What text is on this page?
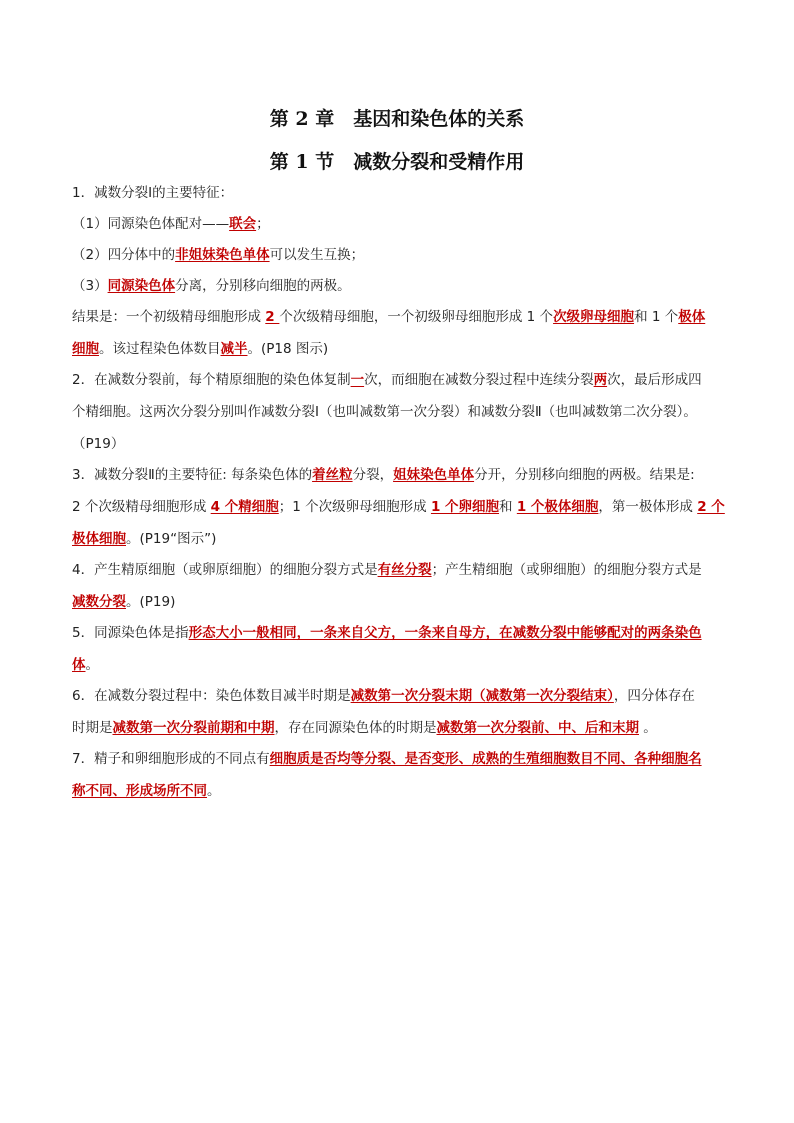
第 2 章　基因和染色体的关系
第 1 节　减数分裂和受精作用
1．减数分裂Ⅰ的主要特征：
（1）同源染色体配对——联会；
（2）四分体中的非姐妹染色单体可以发生互换；
（3）同源染色体分离，分别移向细胞的两极。
结果是：一个初级精母细胞形成 2 个次级精母细胞，一个初级卵母细胞形成 1 个次级卵母细胞和 1 个极体
细胞。该过程染色体数目减半。(P18 图示)
2．在减数分裂前，每个精原细胞的染色体复制一次，而细胞在减数分裂过程中连续分裂两次，最后形成四
个精细胞。这两次分裂分别叫作减数分裂Ⅰ（也叫减数第一次分裂）和减数分裂Ⅱ（也叫减数第二次分裂）。
（P19）
3．减数分裂Ⅱ的主要特征: 每条染色体的着丝粒分裂，姐妹染色单体分开，分别移向细胞的两极。结果是:
2 个次级精母细胞形成 4 个精细胞；1 个次级卵母细胞形成 1 个卵细胞和 1 个极体细胞，第一极体形成 2 个
极体细胞。(P19“图示”)
4．产生精原细胞（或卵原细胞）的细胞分裂方式是有丝分裂；产生精细胞（或卵细胞）的细胞分裂方式是
减数分裂。(P19)
5．同源染色体是指形态大小一般相同，一条来自父方，一条来自母方，在减数分裂中能够配对的两条染色
体。
6．在减数分裂过程中：染色体数目减半时期是减数第一次分裂末期（减数第一次分裂结束），四分体存在
时期是减数第一次分裂前期和中期，存在同源染色体的时期是减数第一次分裂前、中、后和末期 。
7．精子和卵细胞形成的不同点有细胞质是否均等分裂、是否变形、成熟的生殖细胞数目不同、各种细胞名
称不同、形成场所不同。
